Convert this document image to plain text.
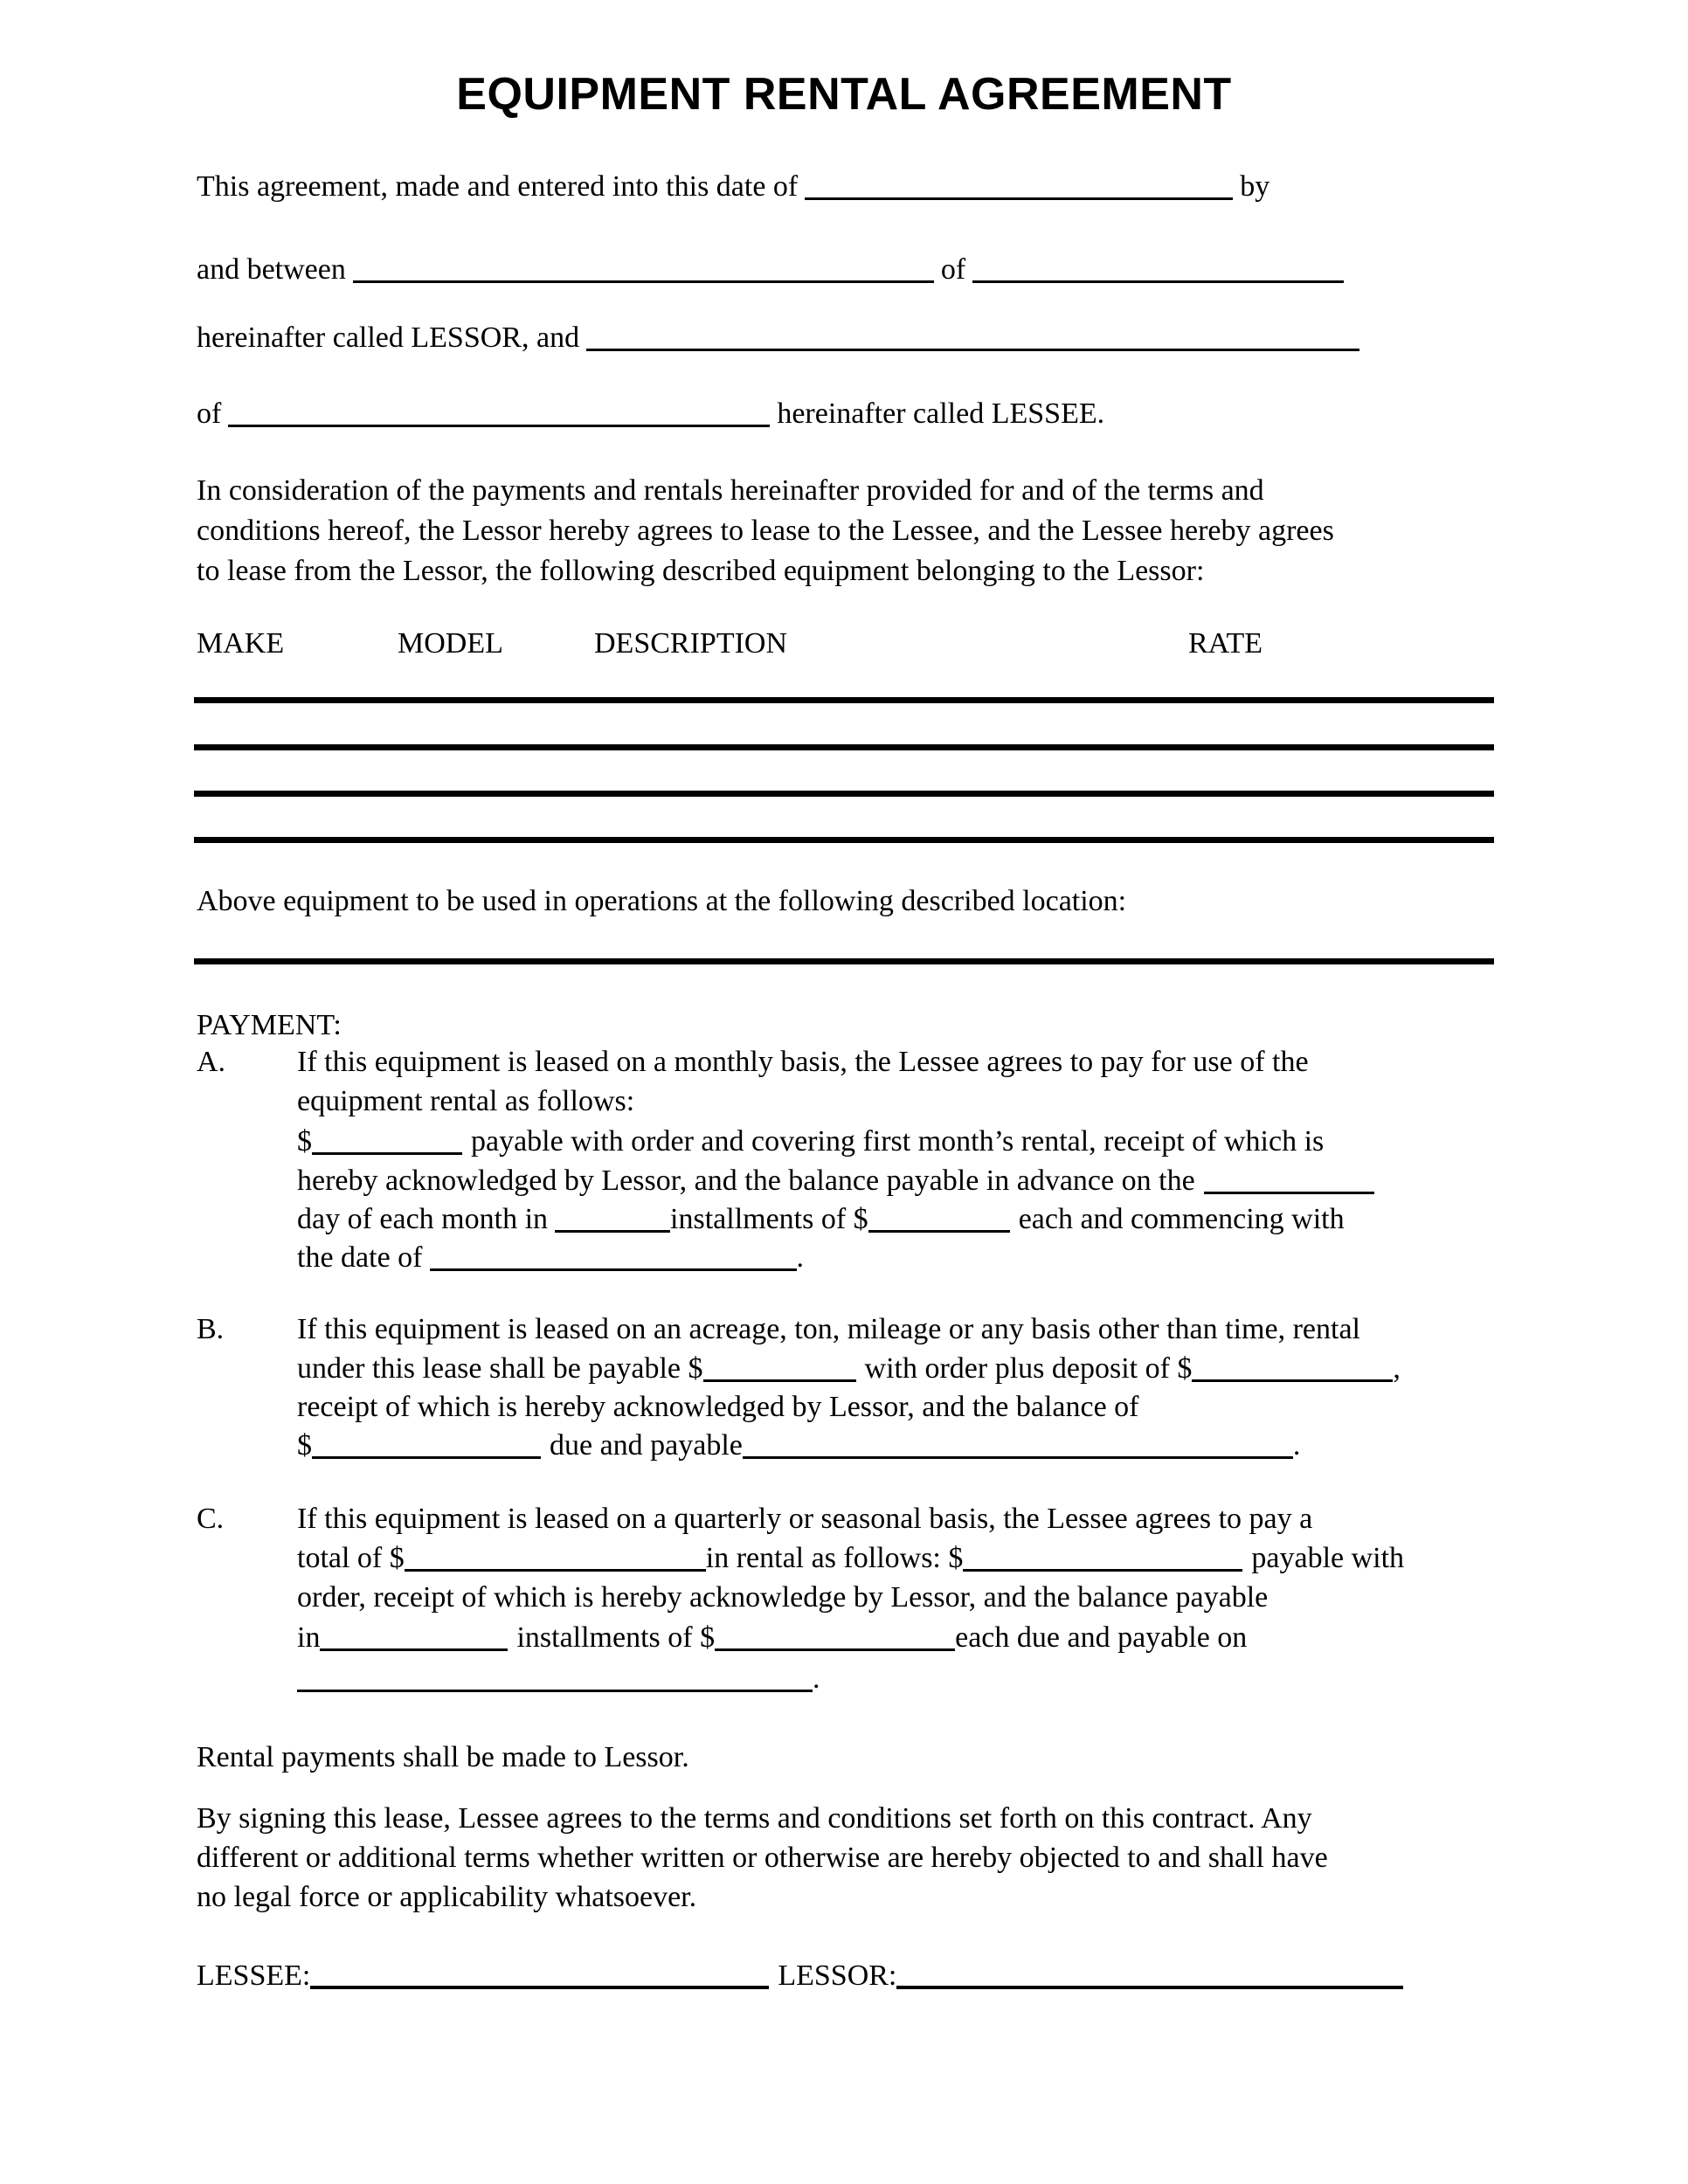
EQUIPMENT RENTAL AGREEMENT
This agreement, made and entered into this date of	by
and between	of
hereinafter called LESSOR, and
of	hereinafter called LESSEE.
In consideration of the payments and rentals hereinafter provided for and of the terms and
conditions hereof, the Lessor hereby agrees to lease to the Lessee, and the Lessee hereby agrees
to lease from the Lessor, the following described equipment belonging to the Lessor:
MAKE	MODEL	DESCRIPTION	RATE
Above equipment to be used in operations at the following described location:
PAYMENT:
A. If this equipment is leased on a monthly basis, the Lessee agrees to pay for use of the
equipment rental as follows:
$	payable with order and covering first month’s rental, receipt of which is
hereby acknowledged by Lessor, and the balance payable in advance on the
day of each month in	installments of $	each and commencing with
the date of	.
B. If this equipment is leased on an acreage, ton, mileage or any basis other than time, rental
under this lease shall be payable $	with order plus deposit of $	,
receipt of which is hereby acknowledged by Lessor, and the balance of
$	due and payable	.
C. If this equipment is leased on a quarterly or seasonal basis, the Lessee agrees to pay a
total of $	in rental as follows: $	payable with
order, receipt of which is hereby acknowledge by Lessor, and the balance payable
in	installments of $	each due and payable on
.
Rental payments shall be made to Lessor.
By signing this lease, Lessee agrees to the terms and conditions set forth on this contract. Any
different or additional terms whether written or otherwise are hereby objected to and shall have
no legal force or applicability whatsoever.
LESSEE:	LESSOR:
